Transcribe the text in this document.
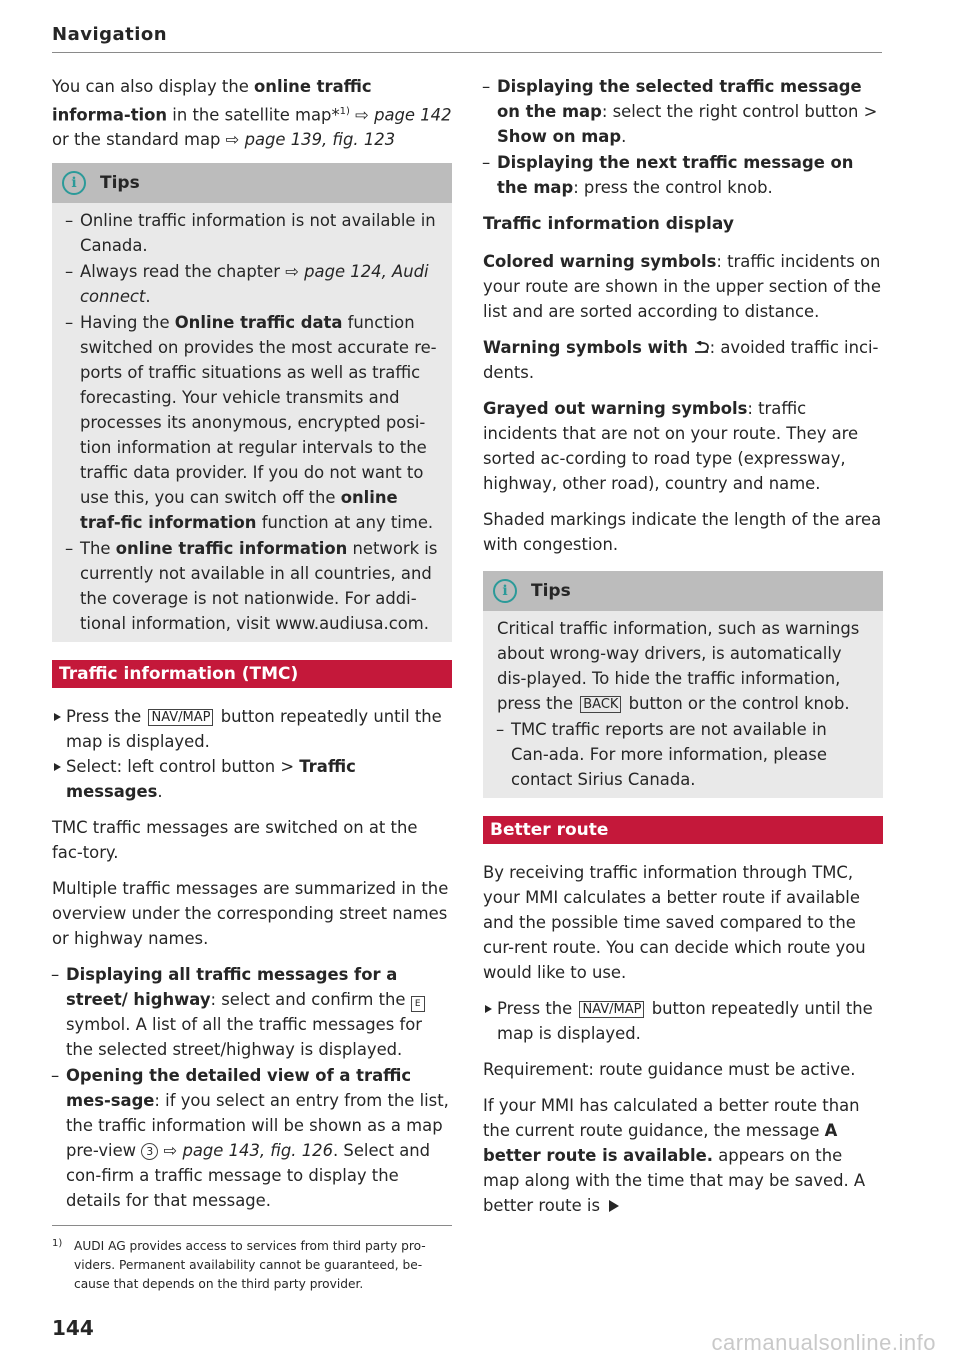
Navigation

You can also display the online traffic informa-tion in the satellite map*$^{1)}$ ⇨ page 142 or the standard map ⇨ page 139, fig. 123

i	Tips
– Online traffic information is not available in Canada.
– Always read the chapter ⇨ page 124, Audi connect.
– Having the Online traffic data function switched on provides the most accurate re-ports of traffic situations as well as traffic forecasting. Your vehicle transmits and processes its anonymous, encrypted posi-tion information at regular intervals to the traffic data provider. If you do not want to use this, you can switch off the online traf-fic information function at any time.
– The online traffic information network is currently not available in all countries, and the coverage is not nationwide. For addi-tional information, visit www.audiusa.com.
Traffic information (TMC)
Press the NAV/MAP button repeatedly until the map is displayed.
Select: left control button > Traffic messages.

TMC traffic messages are switched on at the fac-tory.

Multiple traffic messages are summarized in the overview under the corresponding street names or highway names.

– Displaying all traffic messages for a street/ highway: select and confirm the E symbol. A list of all the traffic messages for the selected street/highway is displayed.
– Opening the detailed view of a traffic mes-sage: if you select an entry from the list, the traffic information will be shown as a map pre-view 3 ⇨ page 143, fig. 126. Select and con-firm a traffic message to display the details for that message.
1) AUDI AG provides access to services from third party pro-viders. Permanent availability cannot be guaranteed, be-cause that depends on the third party provider.
144
– Displaying the selected traffic message on the map: select the right control button > Show on map.
– Displaying the next traffic message on the map: press the control knob.
Traffic information display

Colored warning symbols: traffic incidents on your route are shown in the upper section of the list and are sorted according to distance.

Warning symbols with : avoided traffic inci-dents.

Grayed out warning symbols: traffic incidents that are not on your route. They are sorted ac-cording to road type (expressway, highway, other road), country and name.

Shaded markings indicate the length of the area with congestion.

i	Tips
Critical traffic information, such as warnings about wrong-way drivers, is automatically dis-played. To hide the traffic information, press the BACK button or the control knob.
– TMC traffic reports are not available in Can-ada. For more information, please contact Sirius Canada.
Better route

By receiving traffic information through TMC, your MMI calculates a better route if available and the possible time saved compared to the cur-rent route. You can decide which route you would like to use.

Press the NAV/MAP button repeatedly until the map is displayed.

Requirement: route guidance must be active.

If your MMI has calculated a better route than the current route guidance, the message A better route is available. appears on the map along with the time that may be saved. A better route is

carmanualsonline.info
